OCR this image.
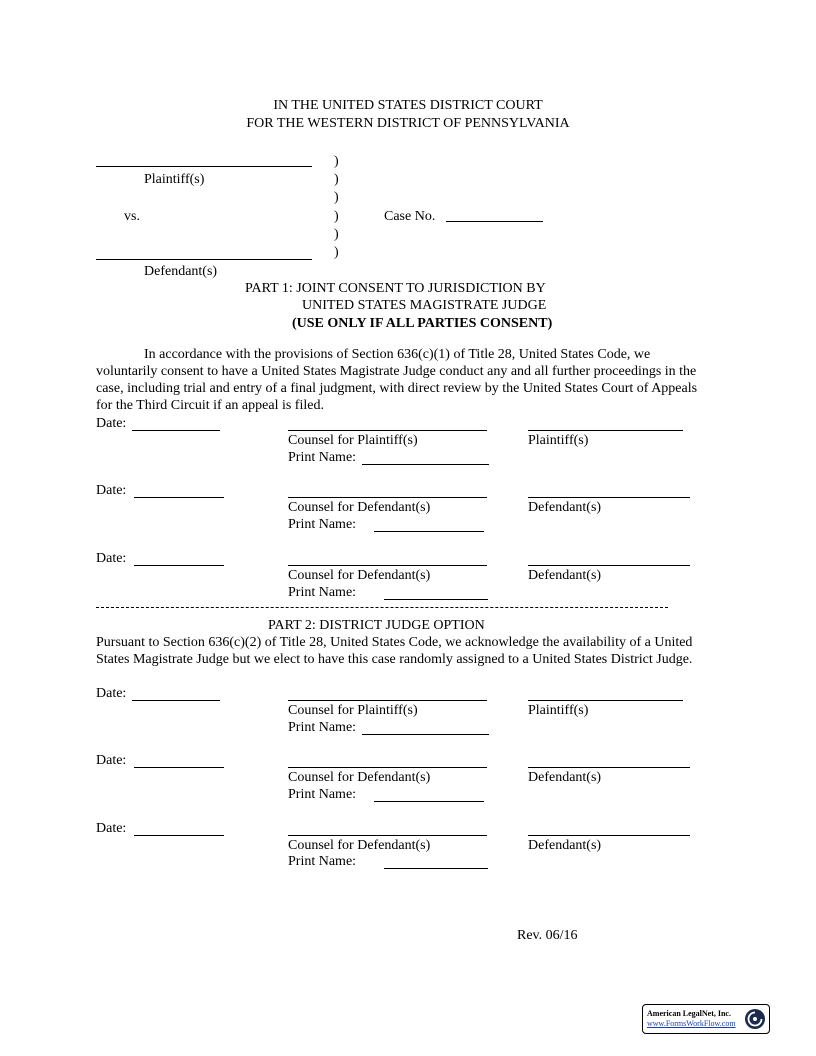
IN THE UNITED STATES DISTRICT COURT
FOR THE WESTERN DISTRICT OF PENNSYLVANIA
Plaintiff(s)
vs.
Defendant(s)
)
)
)
)
)
)
Case No.
PART 1: JOINT CONSENT TO JURISDICTION BY
UNITED STATES MAGISTRATE JUDGE
(USE ONLY IF ALL PARTIES CONSENT)
In accordance with the provisions of Section 636(c)(1) of Title 28, United States Code, we voluntarily consent to have a United States Magistrate Judge conduct any and all further proceedings in the case, including trial and entry of a final judgment, with direct review by the United States Court of Appeals for the Third Circuit if an appeal is filed.
Date:
Counsel for Plaintiff(s)	Plaintiff(s)
Print Name:
Date:
Counsel for Defendant(s)	Defendant(s)
Print Name:
Date:
Counsel for Defendant(s)	Defendant(s)
Print Name:
PART 2: DISTRICT JUDGE OPTION
Pursuant to Section 636(c)(2) of Title 28, United States Code, we acknowledge the availability of a United States Magistrate Judge but we elect to have this case randomly assigned to a United States District Judge.
Date:
Counsel for Plaintiff(s)	Plaintiff(s)
Print Name:
Date:
Counsel for Defendant(s)	Defendant(s)
Print Name:
Date:
Counsel for Defendant(s)	Defendant(s)
Print Name:
Rev. 06/16
American LegalNet, Inc.
www.FormsWorkFlow.com
